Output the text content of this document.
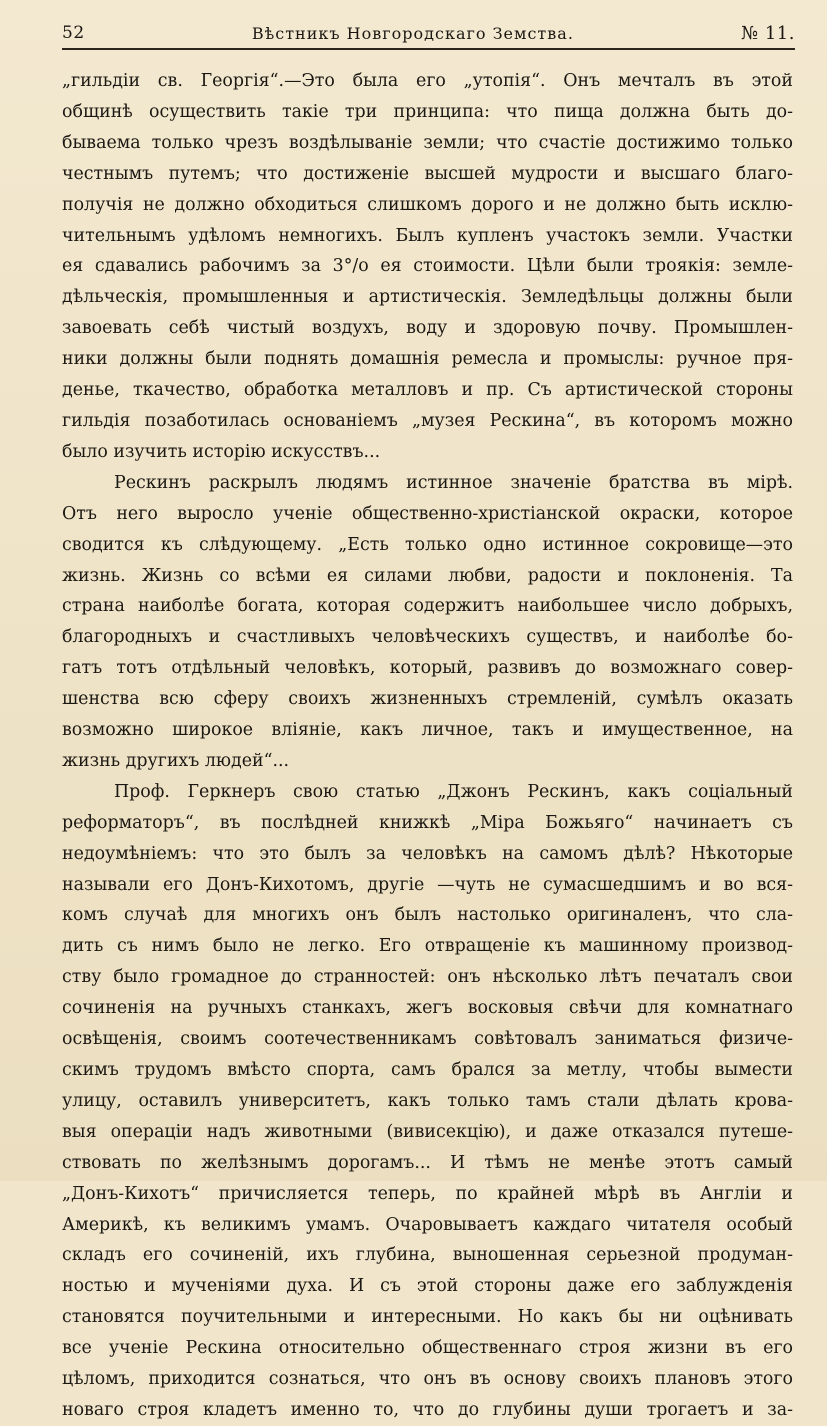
52	Вѣстникъ Новгородскаго Земства.	№ 11.

„гильдіи св. Георгія“.—Это была его „утопія“. Онъ мечталъ въ этой

общинѣ осуществить такіе три принципа: что пища должна быть до-

бываема только чрезъ воздѣлываніе земли; что счастіе достижимо только

честнымъ путемъ; что достиженіе высшей мудрости и высшаго благо-

получія не должно обходиться слишкомъ дорого и не должно быть исклю-

чительнымъ удѣломъ немногихъ. Былъ купленъ участокъ земли. Участки

ея сдавались рабочимъ за 3°/о ея стоимости. Цѣли были троякія: земле-

дѣльческія, промышленныя и артистическія. Земледѣльцы должны были

завоевать себѣ чистый воздухъ, воду и здоровую почву. Промышлен-

ники должны были поднять домашнія ремесла и промыслы: ручное пря-

денье, ткачество, обработка металловъ и пр. Съ артистической стороны

гильдія позаботилась основаніемъ „музея Рескина“, въ которомъ можно

было изучить исторію искусствъ...

Рескинъ раскрылъ людямъ истинное значеніе братства въ мірѣ.

Отъ него выросло ученіе общественно-христіанской окраски, которое

сводится къ слѣдующему. „Есть только одно истинное сокровище—это

жизнь. Жизнь со всѣми ея силами любви, радости и поклоненія. Та

страна наиболѣе богата, которая содержитъ наибольшее число добрыхъ,

благородныхъ и счастливыхъ человѣческихъ существъ, и наиболѣе бо-

гатъ тотъ отдѣльный человѣкъ, который, развивъ до возможнаго совер-

шенства всю сферу своихъ жизненныхъ стремленій, сумѣлъ оказать

возможно широкое вліяніе, какъ личное, такъ и имущественное, на

жизнь другихъ людей“...

Проф. Геркнеръ свою статью „Джонъ Рескинъ, какъ соціальный

реформаторъ“, въ послѣдней книжкѣ „Міра Божьяго“ начинаетъ съ

недоумѣніемъ: что это былъ за человѣкъ на самомъ дѣлѣ? Нѣкоторые

называли его Донъ-Кихотомъ, другіе —чуть не сумасшедшимъ и во вся-

комъ случаѣ для многихъ онъ былъ настолько оригиналенъ, что сла-

дить съ нимъ было не легко. Его отвращеніе къ машинному производ-

ству было громадное до странностей: онъ нѣсколько лѣтъ печаталъ свои

сочиненія на ручныхъ станкахъ, жегъ восковыя свѣчи для комнатнаго

освѣщенія, своимъ соотечественникамъ совѣтовалъ заниматься физиче-

скимъ трудомъ вмѣсто спорта, самъ брался за метлу, чтобы вымести

улицу, оставилъ университетъ, какъ только тамъ стали дѣлать крова-

выя операціи надъ животными (вивисекцію), и даже отказался путеше-

ствовать по желѣзнымъ дорогамъ... И тѣмъ не менѣе этотъ самый

„Донъ-Кихотъ“ причисляется теперь, по крайней мѣрѣ въ Англіи и

Америкѣ, къ великимъ умамъ. Очаровываетъ каждаго читателя особый

складъ его сочиненій, ихъ глубина, выношенная серьезной продуман-

ностью и мученіями духа. И съ этой стороны даже его заблужденія

становятся поучительными и интересными. Но какъ бы ни оцѣнивать

все ученіе Рескина относительно общественнаго строя жизни въ его

цѣломъ, приходится сознаться, что онъ въ основу своихъ плановъ этого

новаго строя кладетъ именно то, что до глубины души трогаетъ и за-
